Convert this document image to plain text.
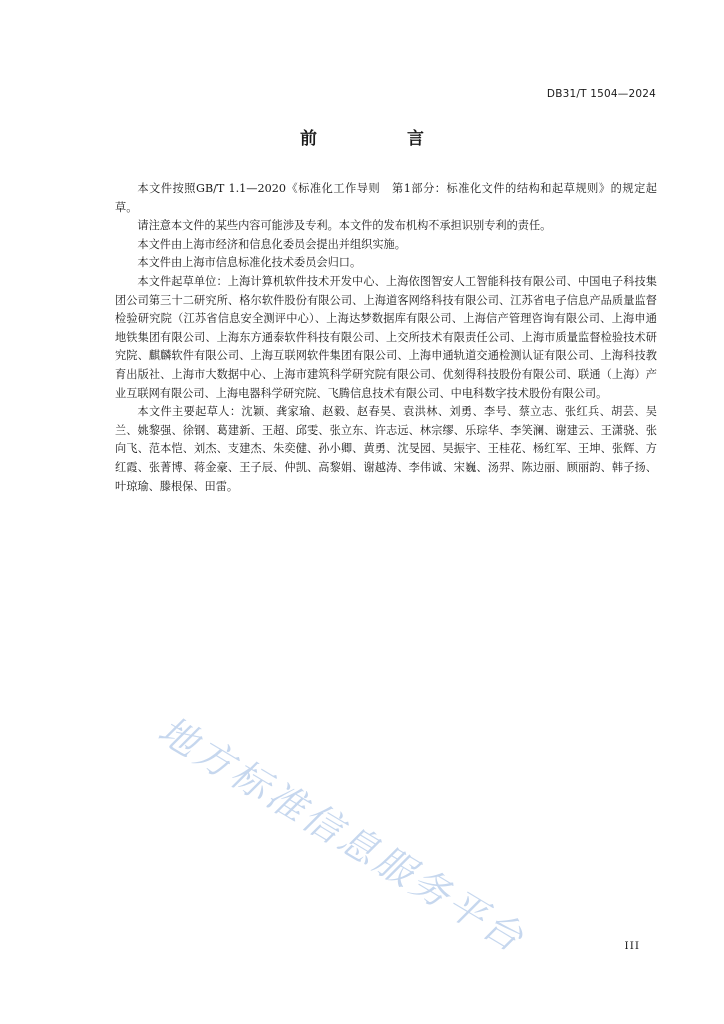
DB31/T 1504—2024
前 言

本文件按照GB/T 1.1—2020《标准化工作导则　第1部分：标准化文件的结构和起草规则》的规定起草。

请注意本文件的某些内容可能涉及专利。本文件的发布机构不承担识别专利的责任。

本文件由上海市经济和信息化委员会提出并组织实施。

本文件由上海市信息标准化技术委员会归口。

本文件起草单位：上海计算机软件技术开发中心、上海依图智安人工智能科技有限公司、中国电子科技集团公司第三十二研究所、格尔软件股份有限公司、上海道客网络科技有限公司、江苏省电子信息产品质量监督检验研究院（江苏省信息安全测评中心）、上海达梦数据库有限公司、上海信产管理咨询有限公司、上海申通地铁集团有限公司、上海东方通泰软件科技有限公司、上交所技术有限责任公司、上海市质量监督检验技术研究院、麒麟软件有限公司、上海互联网软件集团有限公司、上海申通轨道交通检测认证有限公司、上海科技教育出版社、上海市大数据中心、上海市建筑科学研究院有限公司、优刻得科技股份有限公司、联通（上海）产业互联网有限公司、上海电器科学研究院、飞腾信息技术有限公司、中电科数字技术股份有限公司。

本文件主要起草人：沈颖、龚家瑜、赵毅、赵春昊、袁洪林、刘勇、李号、蔡立志、张红兵、胡芸、吴兰、姚黎强、徐钢、葛建新、王超、邱雯、张立东、许志远、林宗缪、乐琮华、李笑澜、谢建云、王潇骁、张向飞、范本恺、刘杰、支建杰、朱奕健、孙小卿、黄勇、沈旻园、吴振宇、王桂花、杨红军、王坤、张辉、方红霞、张菁博、蒋金豪、王子辰、仲凯、高黎娟、谢越涛、李伟诚、宋巍、汤羿、陈边丽、顾丽韵、韩子扬、叶琼瑜、滕根保、田雷。

地方标准信息服务平台	III
